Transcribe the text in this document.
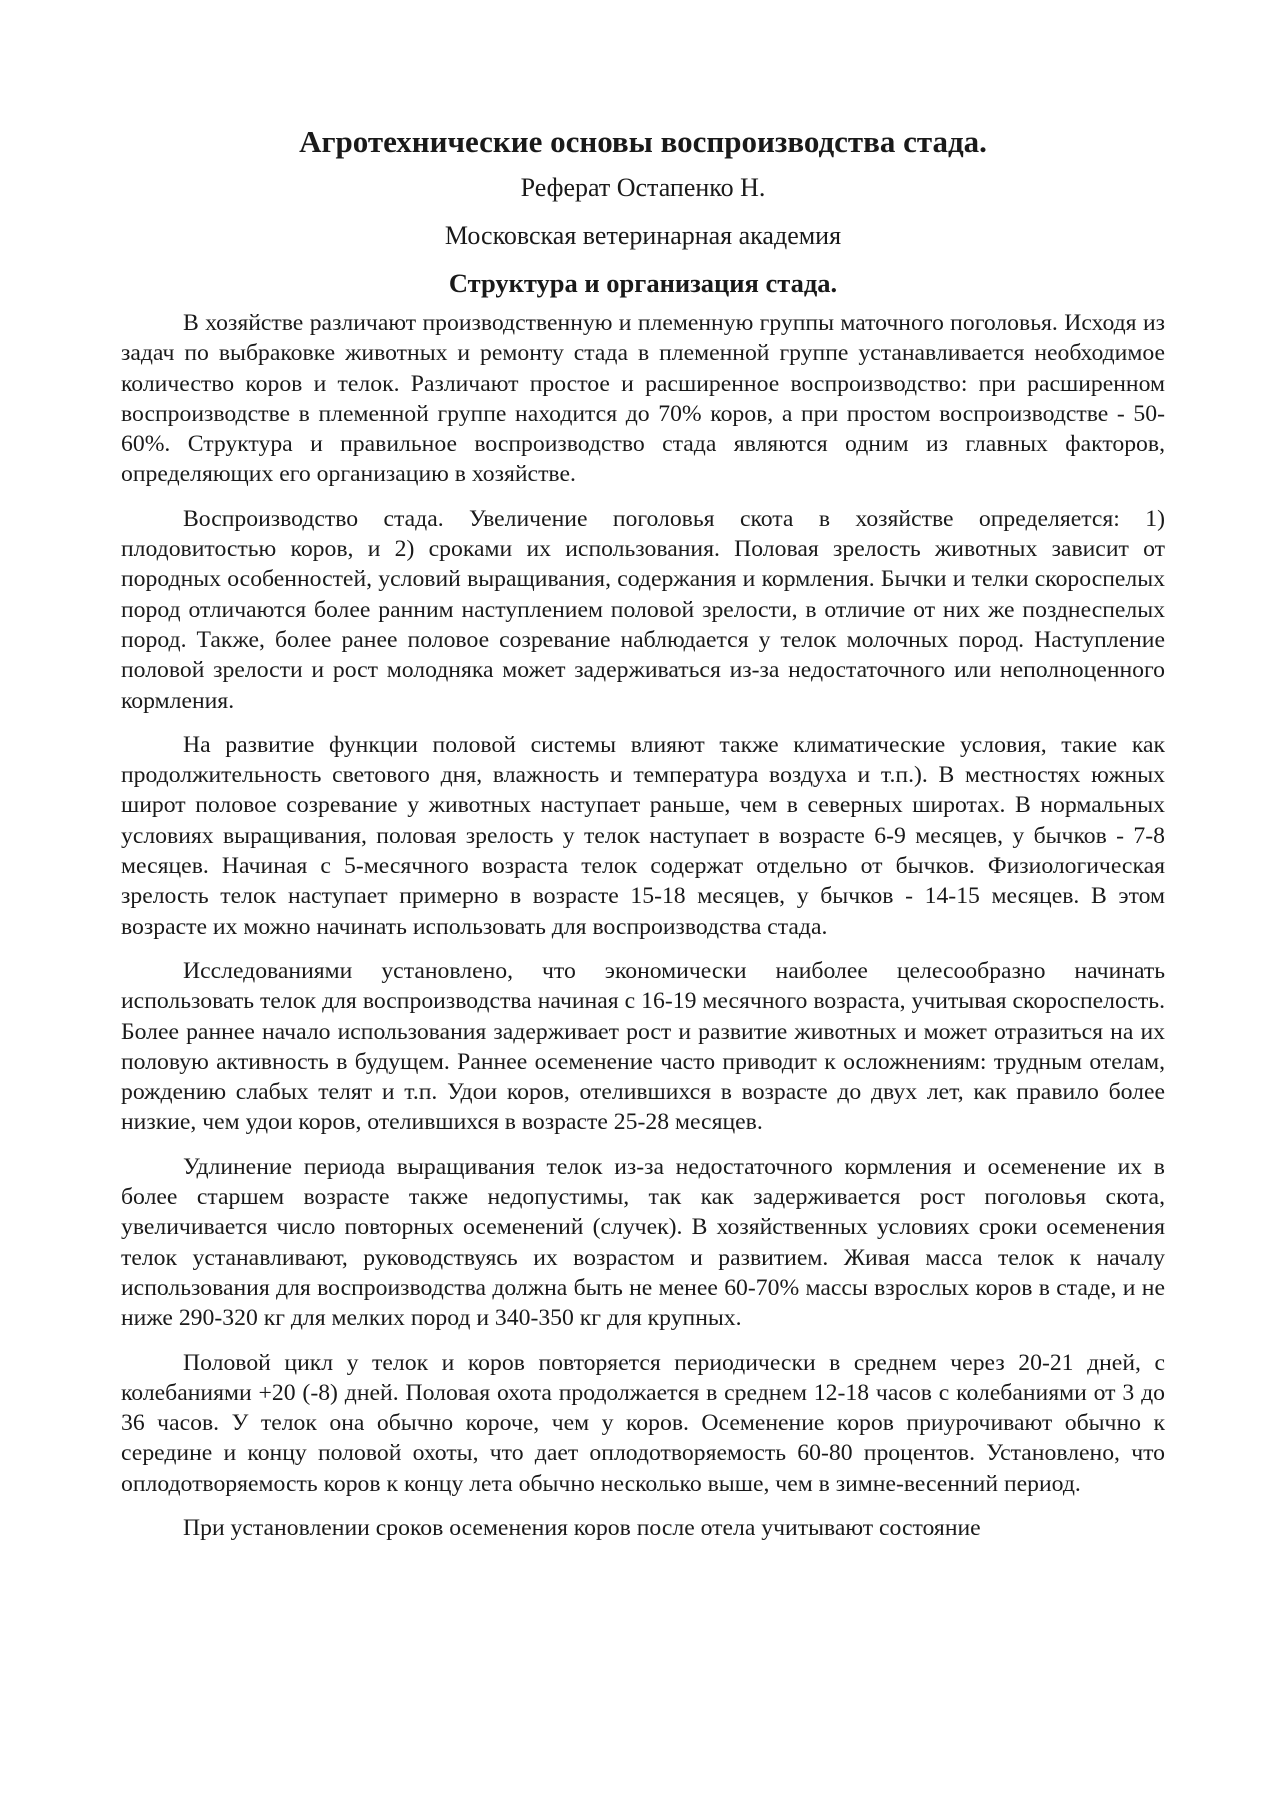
Агротехнические основы воспроизводства стада.

Реферат Остапенко Н.

Московская ветеринарная академия

Структура и организация стада.

В хозяйстве различают производственную и племенную группы маточного поголовья. Исходя из задач по выбраковке животных и ремонту стада в племенной группе устанавливается необходимое количество коров и телок. Различают простое и расширенное воспроизводство: при расширенном воспроизводстве в племенной группе находится до 70% коров, а при простом воспроизводстве - 50-60%. Структура и правильное воспроизводство стада являются одним из главных факторов, определяющих его организацию в хозяйстве.

Воспроизводство стада. Увеличение поголовья скота в хозяйстве определяется: 1) плодовитостью коров, и 2) сроками их использования. Половая зрелость животных зависит от породных особенностей, условий выращивания, содержания и кормления. Бычки и телки скороспелых пород отличаются более ранним наступлением половой зрелости, в отличие от них же позднеспелых пород. Также, более ранее половое созревание наблюдается у телок молочных пород. Наступление половой зрелости и рост молодняка может задерживаться из-за недостаточного или неполноценного кормления.

На развитие функции половой системы влияют также климатические условия, такие как продолжительность светового дня, влажность и температура воздуха и т.п.). В местностях южных широт половое созревание у животных наступает раньше, чем в северных широтах. В нормальных условиях выращивания, половая зрелость у телок наступает в возрасте 6-9 месяцев, у бычков - 7-8 месяцев. Начиная с 5-месячного возраста телок содержат отдельно от бычков. Физиологическая зрелость телок наступает примерно в возрасте 15-18 месяцев, у бычков - 14-15 месяцев. В этом возрасте их можно начинать использовать для воспроизводства стада.

Исследованиями установлено, что экономически наиболее целесообразно начинать использовать телок для воспроизводства начиная с 16-19 месячного возраста, учитывая скороспелость. Более раннее начало использования задерживает рост и развитие животных и может отразиться на их половую активность в будущем. Раннее осеменение часто приводит к осложнениям: трудным отелам, рождению слабых телят и т.п. Удои коров, отелившихся в возрасте до двух лет, как правило более низкие, чем удои коров, отелившихся в возрасте 25-28 месяцев.

Удлинение периода выращивания телок из-за недостаточного кормления и осеменение их в более старшем возрасте также недопустимы, так как задерживается рост поголовья скота, увеличивается число повторных осеменений (случек). В хозяйственных условиях сроки осеменения телок устанавливают, руководствуясь их возрастом и развитием. Живая масса телок к началу использования для воспроизводства должна быть не менее 60-70% массы взрослых коров в стаде, и не ниже 290-320 кг для мелких пород и 340-350 кг для крупных.

Половой цикл у телок и коров повторяется периодически в среднем через 20-21 дней, с колебаниями +20 (-8) дней. Половая охота продолжается в среднем 12-18 часов с колебаниями от 3 до 36 часов. У телок она обычно короче, чем у коров. Осеменение коров приурочивают обычно к середине и концу половой охоты, что дает оплодотворяемость 60-80 процентов. Установлено, что оплодотворяемость коров к концу лета обычно несколько выше, чем в зимне-весенний период.

При установлении сроков осеменения коров после отела учитывают состояние
